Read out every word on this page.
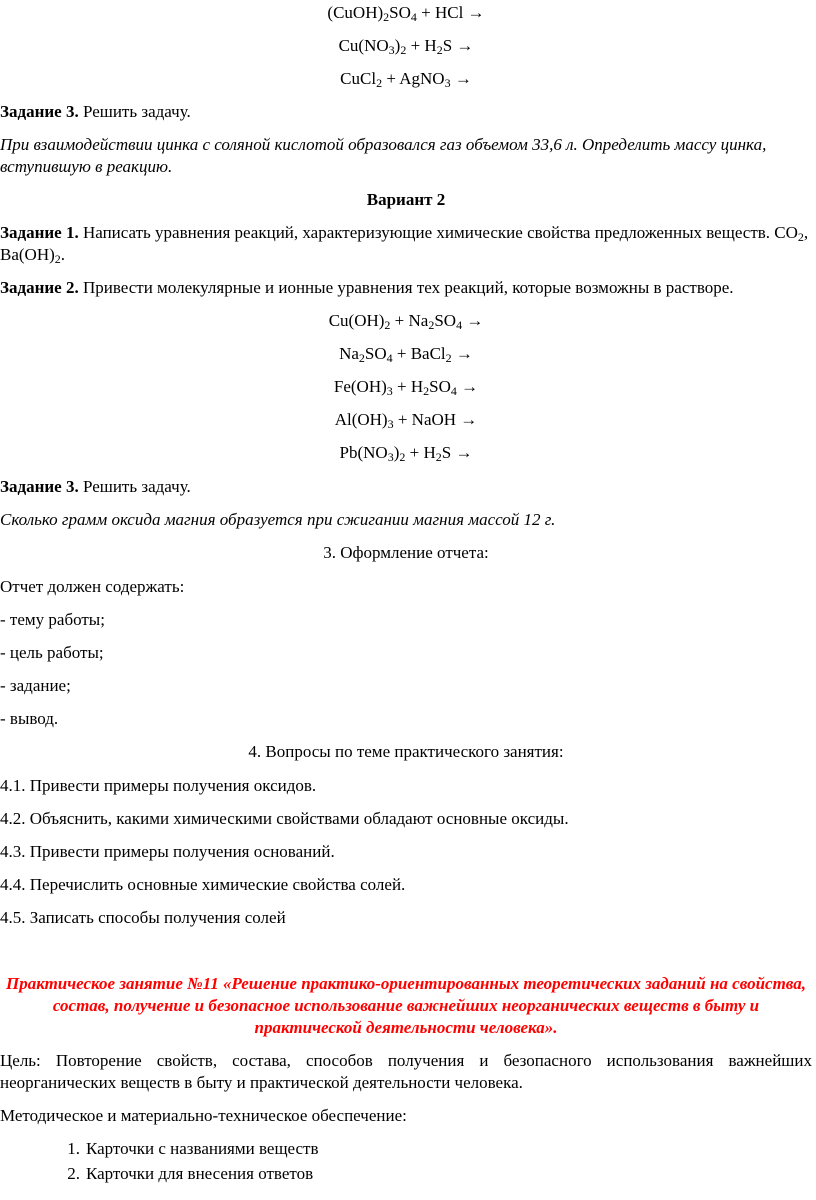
$(CuOH)_2SO_4$ + HCl →
$Cu(NO_3)_2 + H_2S$ →
CuCl$_2$ + AgNO$_3$ →
Задание 3. Решить задачу.
При взаимодействии цинка с соляной кислотой образовался газ объемом 33,6 л. Определить массу цинка, вступившую в реакцию.
Вариант 2
Задание 1. Написать уравнения реакций, характеризующие химические свойства предложенных веществ. $CO_2$, $Ba(OH)_2$.
Задание 2. Привести молекулярные и ионные уравнения тех реакций, которые возможны в растворе.
$Cu(OH)_2 + Na_2SO_4$ →
$Na_2SO_4$ + BaCl$_2$ →
$Fe(OH)_3 + H_2SO_4$ →
$Al(OH)_3$ + NaOH →
$Pb(NO_3)_2 + H_2S$ →
Задание 3. Решить задачу.
Сколько грамм оксида магния образуется при сжигании магния массой 12 г.
3. Оформление отчета:
Отчет должен содержать:
- тему работы;
- цель работы;
- задание;
- вывод.
4. Вопросы по теме практического занятия:
4.1. Привести примеры получения оксидов.
4.2. Объяснить, какими химическими свойствами обладают основные оксиды.
4.3. Привести примеры получения оснований.
4.4. Перечислить основные химические свойства солей.
4.5. Записать способы получения солей
Практическое занятие №11 «Решение практико-ориентированных теоретических заданий на свойства, состав, получение и безопасное использование важнейших неорганических веществ в быту и практической деятельности человека».
Цель: Повторение свойств, состава, способов получения и безопасного использования важнейших неорганических веществ в быту и практической деятельности человека.
Методическое и материально-техническое обеспечение:
1. Карточки с названиями веществ
2. Карточки для внесения ответов
